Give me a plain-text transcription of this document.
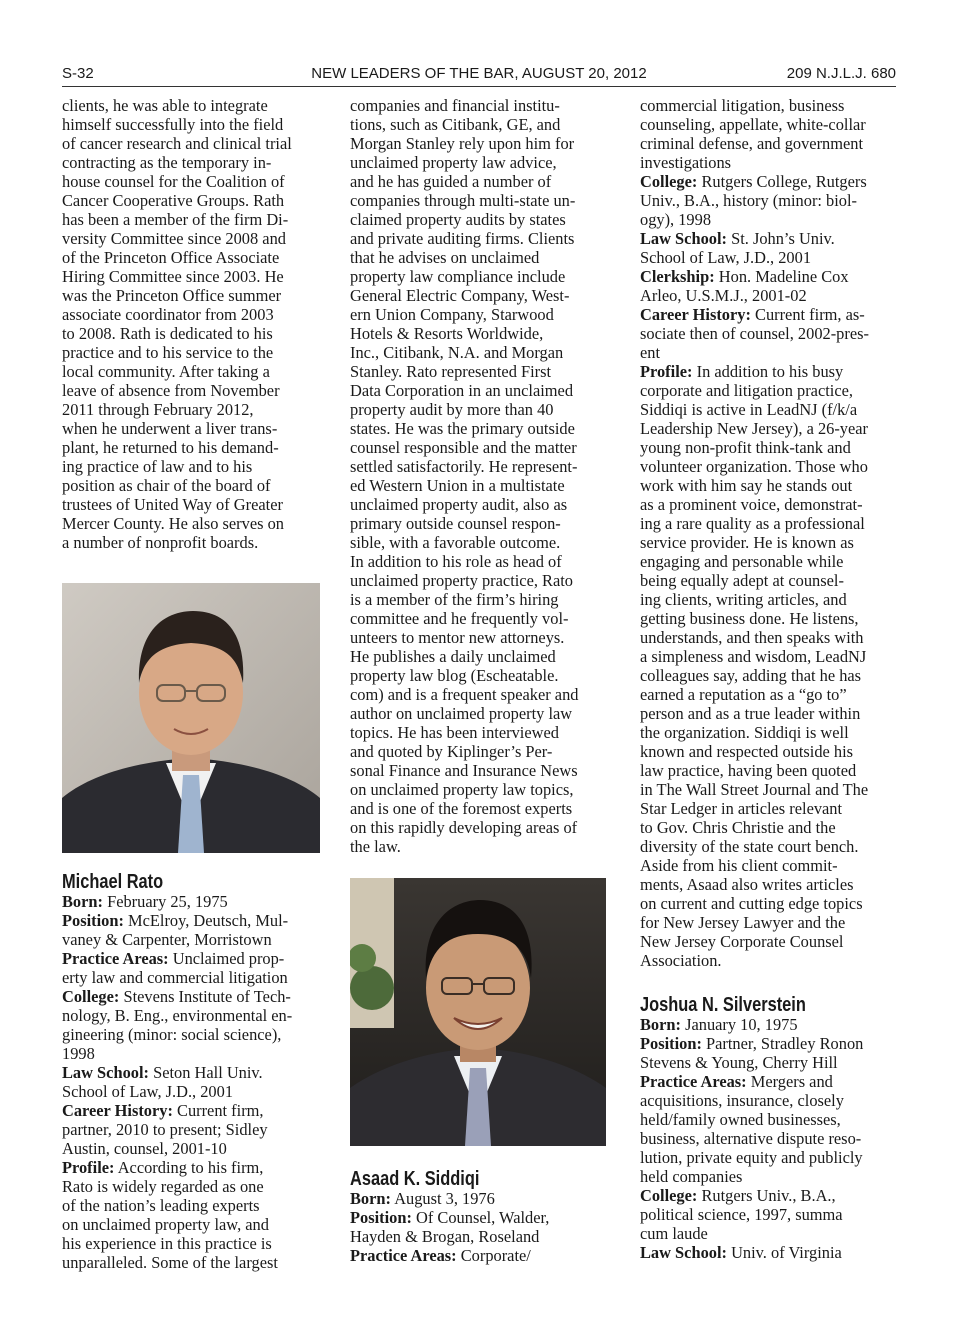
NEW LEADERS OF THE BAR, AUGUST 20, 2012
S-32	209 N.J.L.J. 680
clients, he was able to integrate
himself successfully into the field
of cancer research and clinical trial
contracting as the temporary in-
house counsel for the Coalition of
Cancer Cooperative Groups. Rath
has been a member of the firm Di-
versity Committee since 2008 and
of the Princeton Office Associate
Hiring Committee since 2003. He
was the Princeton Office summer
associate coordinator from 2003
to 2008. Rath is dedicated to his
practice and to his service to the
local community. After taking a
leave of absence from November
2011 through February 2012,
when he underwent a liver trans-
plant, he returned to his demand-
ing practice of law and to his
position as chair of the board of
trustees of United Way of Greater
Mercer County. He also serves on
a number of nonprofit boards.
Michael Rato
Born: February 25, 1975
Position: McElroy, Deutsch, Mul-
vaney & Carpenter, Morristown
Practice Areas: Unclaimed prop-
erty law and commercial litigation
College: Stevens Institute of Tech-
nology, B. Eng., environmental en-
gineering (minor: social science),
1998
Law School: Seton Hall Univ.
School of Law, J.D., 2001
Career History: Current firm,
partner, 2010 to present; Sidley
Austin, counsel, 2001-10
Profile: According to his firm,
Rato is widely regarded as one
of the nation’s leading experts
on unclaimed property law, and
his experience in this practice is
unparalleled. Some of the largest
companies and financial institu-
tions, such as Citibank, GE, and
Morgan Stanley rely upon him for
unclaimed property law advice,
and he has guided a number of
companies through multi-state un-
claimed property audits by states
and private auditing firms. Clients
that he advises on unclaimed
property law compliance include
General Electric Company, West-
ern Union Company, Starwood
Hotels & Resorts Worldwide,
Inc., Citibank, N.A. and Morgan
Stanley. Rato represented First
Data Corporation in an unclaimed
property audit by more than 40
states. He was the primary outside
counsel responsible and the matter
settled satisfactorily. He represent-
ed Western Union in a multistate
unclaimed property audit, also as
primary outside counsel respon-
sible, with a favorable outcome.
In addition to his role as head of
unclaimed property practice, Rato
is a member of the firm’s hiring
committee and he frequently vol-
unteers to mentor new attorneys.
He publishes a daily unclaimed
property law blog (Escheatable.
com) and is a frequent speaker and
author on unclaimed property law
topics. He has been interviewed
and quoted by Kiplinger’s Per-
sonal Finance and Insurance News
on unclaimed property law topics,
and is one of the foremost experts
on this rapidly developing areas of
the law.
Asaad K. Siddiqi
Born: August 3, 1976
Position: Of Counsel, Walder,
Hayden & Brogan, Roseland
Practice Areas: Corporate/
commercial litigation, business
counseling, appellate, white-collar
criminal defense, and government
investigations
College: Rutgers College, Rutgers
Univ., B.A., history (minor: biol-
ogy), 1998
Law School: St. John’s Univ.
School of Law, J.D., 2001
Clerkship: Hon. Madeline Cox
Arleo, U.S.M.J., 2001-02
Career History: Current firm, as-
sociate then of counsel, 2002-pres-
ent
Profile: In addition to his busy
corporate and litigation practice,
Siddiqi is active in LeadNJ (f/k/a
Leadership New Jersey), a 26-year
young non-profit think-tank and
volunteer organization. Those who
work with him say he stands out
as a prominent voice, demonstrat-
ing a rare quality as a professional
service provider. He is known as
engaging and personable while
being equally adept at counsel-
ing clients, writing articles, and
getting business done. He listens,
understands, and then speaks with
a simpleness and wisdom, LeadNJ
colleagues say, adding that he has
earned a reputation as a “go to”
person and as a true leader within
the organization. Siddiqi is well
known and respected outside his
law practice, having been quoted
in The Wall Street Journal and The
Star Ledger in articles relevant
to Gov. Chris Christie and the
diversity of the state court bench.
Aside from his client commit-
ments, Asaad also writes articles
on current and cutting edge topics
for New Jersey Lawyer and the
New Jersey Corporate Counsel
Association.
Joshua N. Silverstein
Born: January 10, 1975
Position: Partner, Stradley Ronon
Stevens & Young, Cherry Hill
Practice Areas: Mergers and
acquisitions, insurance, closely
held/family owned businesses,
business, alternative dispute reso-
lution, private equity and publicly
held companies
College: Rutgers Univ., B.A.,
political science, 1997, summa
cum laude
Law School: Univ. of Virginia
